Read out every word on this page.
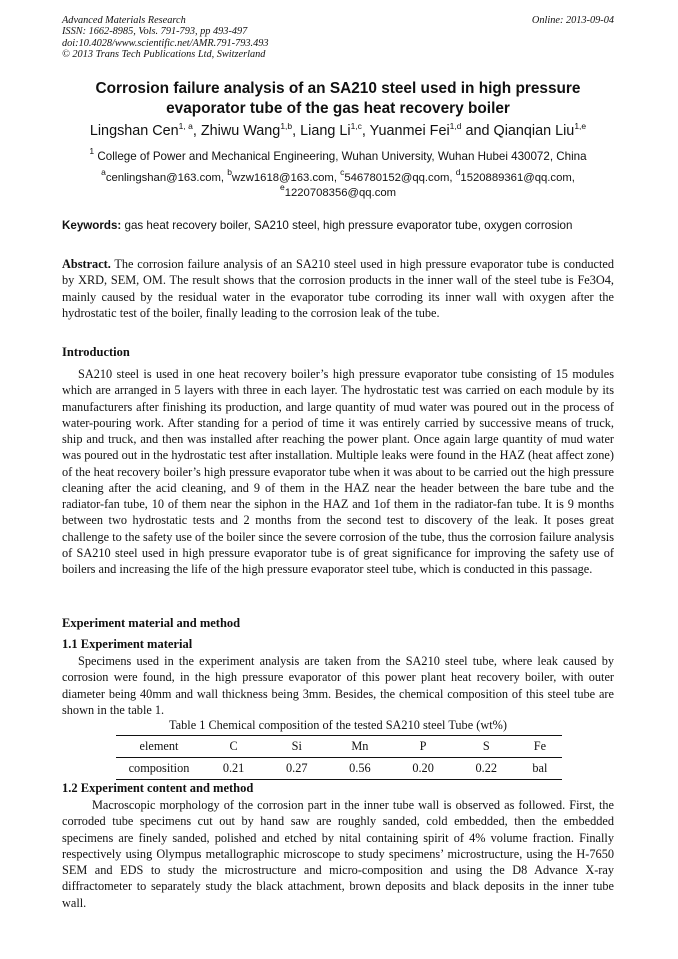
Advanced Materials Research
ISSN: 1662-8985, Vols. 791-793, pp 493-497
doi:10.4028/www.scientific.net/AMR.791-793.493
© 2013 Trans Tech Publications Ltd, Switzerland
Online: 2013-09-04
Corrosion failure analysis of an SA210 steel used in high pressure
evaporator tube of the gas heat recovery boiler
Lingshan Cen$^{1, a}$, Zhiwu Wang$^{1,b}$, Liang Li$^{1,c}$, Yuanmei Fei$^{1,d}$ and Qianqian Liu$^{1,e}$
$^1$ College of Power and Mechanical Engineering, Wuhan University, Wuhan Hubei 430072, China
$^a$cenlingshan@163.com, $^b$wzw1618@163.com, $^c$546780152@qq.com, $^d$1520889361@qq.com,
$^e$1220708356@qq.com
Keywords: gas heat recovery boiler, SA210 steel, high pressure evaporator tube, oxygen corrosion
Abstract. The corrosion failure analysis of an SA210 steel used in high pressure evaporator tube is conducted by XRD, SEM, OM. The result shows that the corrosion products in the inner wall of the steel tube is Fe3O4, mainly caused by the residual water in the evaporator tube corroding its inner wall with oxygen after the hydrostatic test of the boiler, finally leading to the corrosion leak of the tube.
Introduction
SA210 steel is used in one heat recovery boiler’s high pressure evaporator tube consisting of 15 modules which are arranged in 5 layers with three in each layer. The hydrostatic test was carried on each module by its manufacturers after finishing its production, and large quantity of mud water was poured out in the process of water-pouring work. After standing for a period of time it was entirely carried by successive means of truck, ship and truck, and then was installed after reaching the power plant. Once again large quantity of mud water was poured out in the hydrostatic test after installation. Multiple leaks were found in the HAZ (heat affect zone) of the heat recovery boiler’s high pressure evaporator tube when it was about to be carried out the high pressure cleaning after the acid cleaning, and 9 of them in the HAZ near the header between the bare tube and the radiator-fan tube, 10 of them near the siphon in the HAZ and 1of them in the radiator-fan tube. It is 9 months between two hydrostatic tests and 2 months from the second test to discovery of the leak. It poses great challenge to the safety use of the boiler since the severe corrosion of the tube, thus the corrosion failure analysis of SA210 steel used in high pressure evaporator tube is of great significance for improving the safety use of boilers and increasing the life of the high pressure evaporator steel tube, which is conducted in this passage.
Experiment material and method
1.1 Experiment material
Specimens used in the experiment analysis are taken from the SA210 steel tube, where leak caused by corrosion were found, in the high pressure evaporator of this power plant heat recovery boiler, with outer diameter being 40mm and wall thickness being 3mm. Besides, the chemical composition of this steel tube are shown in the table 1.
Table 1 Chemical composition of the tested SA210 steel Tube (wt%)
element	C	Si	Mn	P	S	Fe
composition	0.21	0.27	0.56	0.20	0.22	bal
1.2 Experiment content and method
Macroscopic morphology of the corrosion part in the inner tube wall is observed as followed. First, the corroded tube specimens cut out by hand saw are roughly sanded, cold embedded, then the embedded specimens are finely sanded, polished and etched by nital containing spirit of 4% volume fraction. Finally respectively using Olympus metallographic microscope to study specimens’ microstructure, using the H-7650 SEM and EDS to study the microstructure and micro-composition and using the D8 Advance X-ray diffractometer to separately study the black attachment, brown deposits and black deposits in the inner tube wall.
